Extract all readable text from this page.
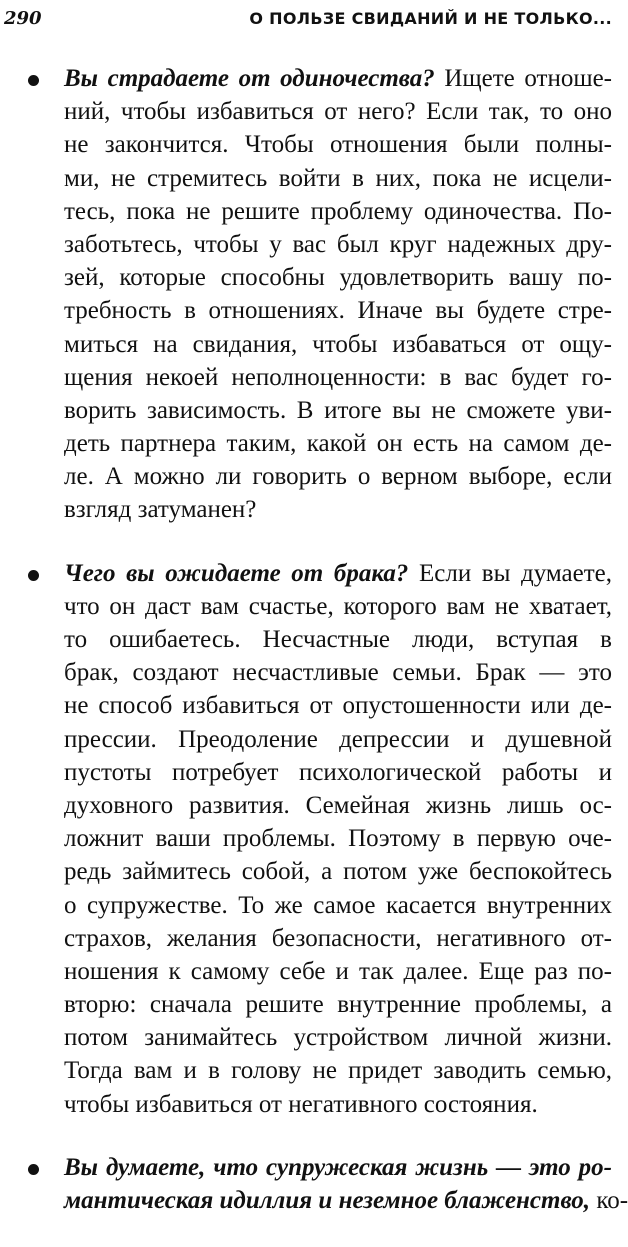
290	О ПОЛЬЗЕ СВИДАНИЙ И НЕ ТОЛЬКО...
Вы страдаете от одиночества? Ищете отноше-
ний, чтобы избавиться от него? Если так, то оно
не закончится. Чтобы отношения были полны-
ми, не стремитесь войти в них, пока не исцели-
тесь, пока не решите проблему одиночества. По-
заботьтесь, чтобы у вас был круг надежных дру-
зей, которые способны удовлетворить вашу по-
требность в отношениях. Иначе вы будете стре-
миться на свидания, чтобы избаваться от ощу-
щения некоей неполноценности: в вас будет го-
ворить зависимость. В итоге вы не сможете уви-
деть партнера таким, какой он есть на самом де-
ле. А можно ли говорить о верном выборе, если
взгляд затуманен?
Чего вы ожидаете от брака? Если вы думаете,
что он даст вам счастье, которого вам не хватает,
то ошибаетесь. Несчастные люди, вступая в
брак, создают несчастливые семьи. Брак — это
не способ избавиться от опустошенности или де-
прессии. Преодоление депрессии и душевной
пустоты потребует психологической работы и
духовного развития. Семейная жизнь лишь ос-
ложнит ваши проблемы. Поэтому в первую оче-
редь займитесь собой, а потом уже беспокойтесь
о супружестве. То же самое касается внутренних
страхов, желания безопасности, негативного от-
ношения к самому себе и так далее. Еще раз по-
вторю: сначала решите внутренние проблемы, а
потом занимайтесь устройством личной жизни.
Тогда вам и в голову не придет заводить семью,
чтобы избавиться от негативного состояния.
Вы думаете, что супружеская жизнь — это ро-
мантическая идиллия и неземное блаженство, ко-
